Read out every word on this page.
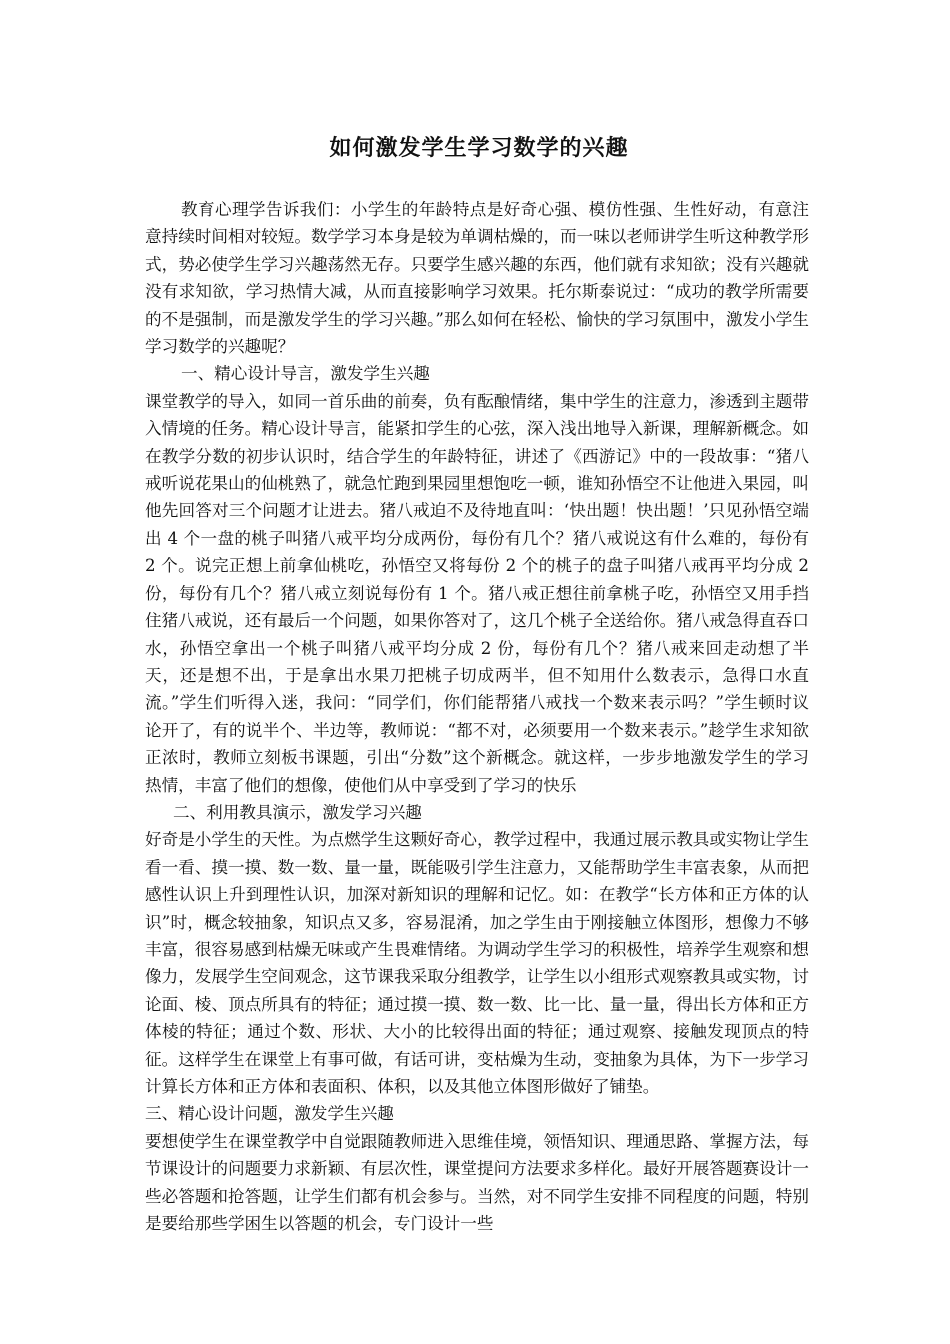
如何激发学生学习数学的兴趣

教育心理学告诉我们：小学生的年龄特点是好奇心强、模仿性强、生性好动，有意注意持续时间相对较短。数学学习本身是较为单调枯燥的，而一味以老师讲学生听这种教学形式，势必使学生学习兴趣荡然无存。只要学生感兴趣的东西，他们就有求知欲；没有兴趣就没有求知欲，学习热情大减，从而直接影响学习效果。托尔斯泰说过：“成功的教学所需要的不是强制，而是激发学生的学习兴趣。”那么如何在轻松、愉快的学习氛围中，激发小学生学习数学的兴趣呢？

一、精心设计导言，激发学生兴趣

课堂教学的导入，如同一首乐曲的前奏，负有酝酿情绪，集中学生的注意力，渗透到主题带入情境的任务。精心设计导言，能紧扣学生的心弦，深入浅出地导入新课，理解新概念。如在教学分数的初步认识时，结合学生的年龄特征，讲述了《西游记》中的一段故事：“猪八戒听说花果山的仙桃熟了，就急忙跑到果园里想饱吃一顿，谁知孙悟空不让他进入果园，叫他先回答对三个问题才让进去。猪八戒迫不及待地直叫：‘快出题！快出题！’只见孙悟空端出 4 个一盘的桃子叫猪八戒平均分成两份，每份有几个？猪八戒说这有什么难的，每份有 2 个。说完正想上前拿仙桃吃，孙悟空又将每份 2 个的桃子的盘子叫猪八戒再平均分成 2 份，每份有几个？猪八戒立刻说每份有 1 个。猪八戒正想往前拿桃子吃，孙悟空又用手挡住猪八戒说，还有最后一个问题，如果你答对了，这几个桃子全送给你。猪八戒急得直吞口水，孙悟空拿出一个桃子叫猪八戒平均分成 2 份，每份有几个？猪八戒来回走动想了半天，还是想不出，于是拿出水果刀把桃子切成两半，但不知用什么数表示，急得口水直流。”学生们听得入迷，我问：“同学们，你们能帮猪八戒找一个数来表示吗？”学生顿时议论开了，有的说半个、半边等，教师说：“都不对，必须要用一个数来表示。”趁学生求知欲正浓时，教师立刻板书课题，引出“分数”这个新概念。就这样，一步步地激发学生的学习热情，丰富了他们的想像，使他们从中享受到了学习的快乐

二、利用教具演示，激发学习兴趣

好奇是小学生的天性。为点燃学生这颗好奇心，教学过程中，我通过展示教具或实物让学生看一看、摸一摸、数一数、量一量，既能吸引学生注意力，又能帮助学生丰富表象，从而把感性认识上升到理性认识，加深对新知识的理解和记忆。如：在教学“长方体和正方体的认识”时，概念较抽象，知识点又多，容易混淆，加之学生由于刚接触立体图形，想像力不够丰富，很容易感到枯燥无味或产生畏难情绪。为调动学生学习的积极性，培养学生观察和想像力，发展学生空间观念，这节课我采取分组教学，让学生以小组形式观察教具或实物，讨论面、棱、顶点所具有的特征；通过摸一摸、数一数、比一比、量一量，得出长方体和正方体棱的特征；通过个数、形状、大小的比较得出面的特征；通过观察、接触发现顶点的特征。这样学生在课堂上有事可做，有话可讲，变枯燥为生动，变抽象为具体，为下一步学习计算长方体和正方体和表面积、体积，以及其他立体图形做好了铺垫。

三、精心设计问题，激发学生兴趣

要想使学生在课堂教学中自觉跟随教师进入思维佳境，领悟知识、理通思路、掌握方法，每节课设计的问题要力求新颖、有层次性，课堂提问方法要求多样化。最好开展答题赛设计一些必答题和抢答题，让学生们都有机会参与。当然，对不同学生安排不同程度的问题，特别是要给那些学困生以答题的机会，专门设计一些
